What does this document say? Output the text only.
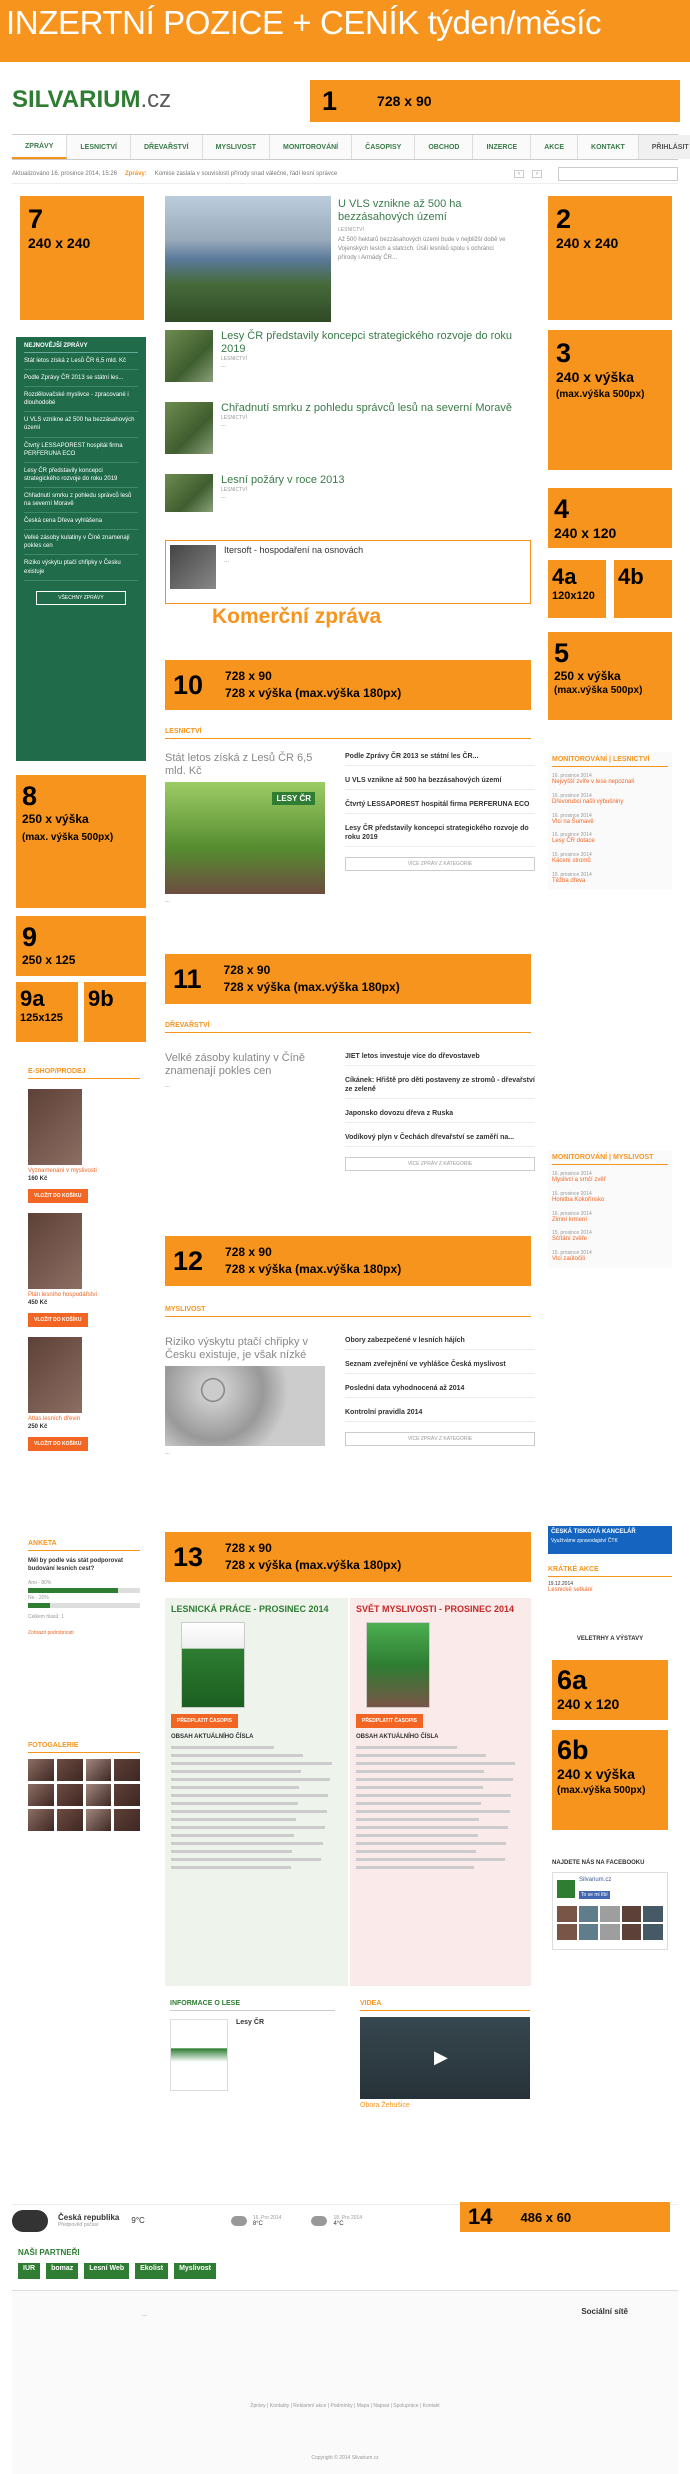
INZERTNÍ POZICE + CENÍK týden/měsíc
SILVARIUM.cz	1	728 x 90
ZPRÁVY	LESNICTVÍ	DŘEVAŘSTVÍ	MYSLIVOST	MONITOROVÁNÍ	ČASOPISY	OBCHOD	INZERCE	AKCE	KONTAKT	PŘIHLÁSIT
Aktualizováno 16. prosince 2014, 15:26 Zprávy: Komise zaslala v souvislosti přírody snad válečné, řádí lesní správce	‹	›
7
240 x 240
NEJNOVĚJŠÍ ZPRÁVY
Stát letos získá z Lesů ČR 6,5 mld. Kč
Podle Zprávy ČR 2013 se státní les...
Rozdělovačské myslivce - zpracované i dlouhodobé
U VLS vznikne až 500 ha bezzásahových území
Čtvrtý LESSAPOREST hospitál firma PERFERUNA ECO
Lesy ČR představily koncepci strategického rozvoje do roku 2019
Chřadnutí smrku z pohledu správců lesů na severní Moravě
Česká cena Dřeva vyhlášena
Velké zásoby kulatiny v Číně znamenají pokles cen
Riziko výskytu ptačí chřipky v Česku existuje
VŠECHNY ZPRÁVY
8
250 x výška
(max. výška 500px)
9
250 x 125
9a
125x125
9b
E-SHOP/PRODEJ
Vyznamenání v myslivosti
160 Kč
VLOŽIT DO KOŠÍKU
Plán lesního hospodářství
450 Kč
VLOŽIT DO KOŠÍKU
Atlas lesních dřevin
250 Kč
VLOŽIT DO KOŠÍKU
ANKETA
Měl by podle vás stát podporovat budování lesních cest?
Ano - 80%
Ne - 20%
Celkem hlasů: 1
Zobrazit podrobnosti
FOTOGALERIE
U VLS vznikne až 500 ha bezzásahových území
LESNICTVÍ
Až 500 hektarů bezzásahových území bude v nejbližší době ve Vojenských lesích a statcích. Úsilí lesníků spolu s ochránci přírody i Armády ČR...
Lesy ČR představily koncepci strategického rozvoje do roku 2019
LESNICTVÍ
...
Chřadnutí smrku z pohledu správců lesů na severní Moravě
LESNICTVÍ
...
Lesní požáry v roce 2013
LESNICTVÍ
...
Itersoft - hospodaření na osnovách
...
Komerční zpráva
10 728 x 90
728 x výška (max.výška 180px)
LESNICTVÍ
Stát letos získá z Lesů ČR 6,5 mld. Kč
LESY ČR
...
Podle Zprávy ČR 2013 se státní les ČR...
U VLS vznikne až 500 ha bezzásahových území
Čtvrtý LESSAPOREST hospitál firma PERFERUNA ECO
Lesy ČR představily koncepci strategického rozvoje do roku 2019
VÍCE ZPRÁV Z KATEGORIE
11 728 x 90
728 x výška (max.výška 180px)
DŘEVAŘSTVÍ
Velké zásoby kulatiny v Číně znamenají pokles cen
...
JIET letos investuje více do dřevostaveb
Cíkánek: Hřiště pro děti postaveny ze stromů - dřevařství ze zeleně
Japonsko dovozu dřeva z Ruska
Vodíkový plyn v Čechách dřevařství se zaměří na...
VÍCE ZPRÁV Z KATEGORIE
12 728 x 90
728 x výška (max.výška 180px)
MYSLIVOST
Riziko výskytu ptačí chřipky v Česku existuje, je však nízké
...
Obory zabezpečené v lesních hájích
Seznam zveřejnění ve vyhlášce Česká myslivost
Poslední data vyhodnocená až 2014
Kontrolní pravidla 2014
VÍCE ZPRÁV Z KATEGORIE
13 728 x 90
728 x výška (max.výška 180px)
LESNICKÁ PRÁCE - PROSINEC 2014
PŘEDPLATIT ČASOPIS
OBSAH AKTUÁLNÍHO ČÍSLA
SVĚT MYSLIVOSTI - PROSINEC 2014
PŘEDPLATIT ČASOPIS
OBSAH AKTUÁLNÍHO ČÍSLA
INFORMACE O LESE
Lesy ČR
VIDEA
▶
Obora Žehušice
2
240 x 240
3
240 x výška
(max.výška 500px)
4
240 x 120
4a
120x120
4b
5
250 x výška
(max.výška 500px)
MONITOROVÁNÍ | LESNICTVÍ
16. prosince 2014
Nejvyšší zvíře v lese nepoznali
16. prosince 2014
Dřevorubci našli výbušniny
16. prosince 2014
Vlci na Šumavě
16. prosince 2014
Lesy ČR dotace
15. prosince 2014
Kácení stromů
15. prosince 2014
Těžba dřeva
MONITOROVÁNÍ | MYSLIVOST
16. prosince 2014
Myslivci a srnčí zvěř
16. prosince 2014
Honitba Kokořínsko
16. prosince 2014
Zimní krmení
15. prosince 2014
Sčítání zvěře
15. prosince 2014
Vlci zaútočili
ČESKÁ TISKOVÁ KANCELÁŘ
Využíváme zpravodajství ČTK
KRÁTKÉ AKCE
19.12.2014
Lesnické setkání
VELETRHY A VÝSTAVY
6a
240 x 120
6b
240 x výška
(max.výška 500px)
NAJDETE NÁS NA FACEBOOKU
Silvarium.cz
To se mi líbí
Česká republika
Předpověď počasí	9°C	16. Pro 2014
8°C
18. Pro 2014
4°C	14 486 x 60
NAŠI PARTNEŘI
IUR	bomaz	Lesní Web	Ekolist	Myslivost
...	Sociální sítě
Zprávy | Kontakty | Reklamní akce | Podmínky | Mapa | Napsat | Spolupráce | Kontakt
Copyright © 2014 Silvarium.cz
